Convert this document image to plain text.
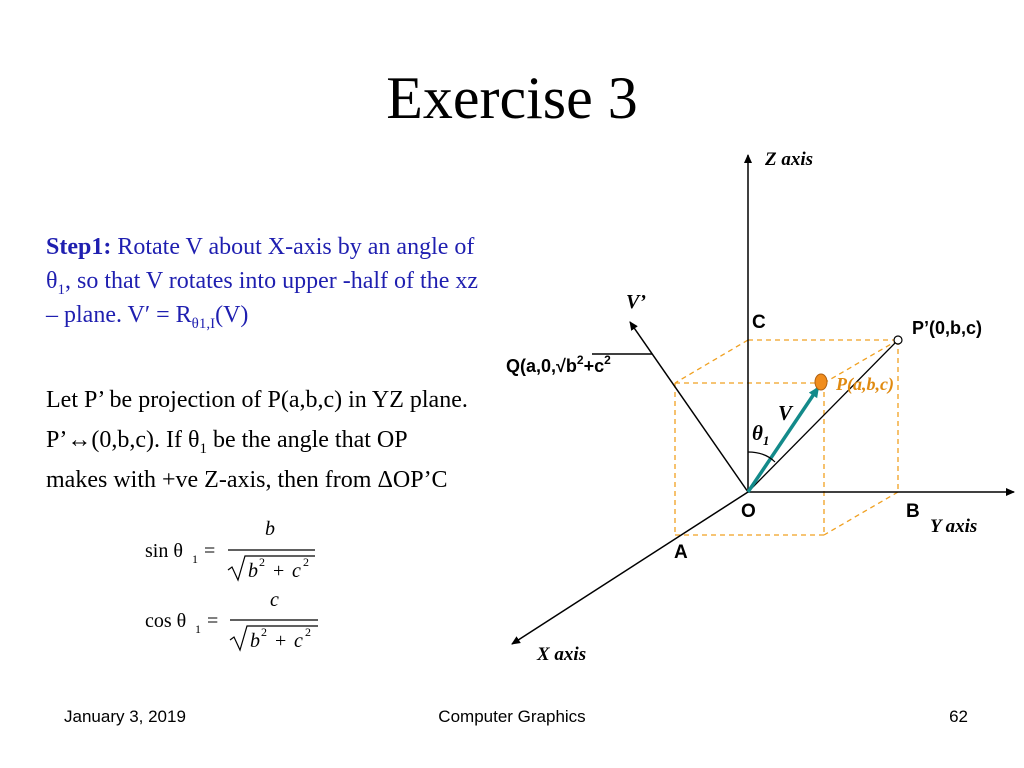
Exercise 3
Step1: Rotate V about X-axis by an angle of
$\theta_1$, so that V rotates into upper -half of the xz
– plane. $V' = R_{\theta 1,I}(V)$
Let P’ be projection of P(a,b,c) in YZ plane.
P’↔(0,b,c). If $\theta_1$ be the angle that OP
makes with +ve Z-axis, then from ΔOP’C
sin θ 1 =
b
b 2 + c 2
cos θ 1 =
c
b 2 + c 2
Z axis
Y axis
X axis
V’
V
P(a,b,c)
$\theta_1$
C	P’(0,b,c)
O	B
A
$Q(a,0,√b^2+c^2$
January 3, 2019	Computer Graphics	62
